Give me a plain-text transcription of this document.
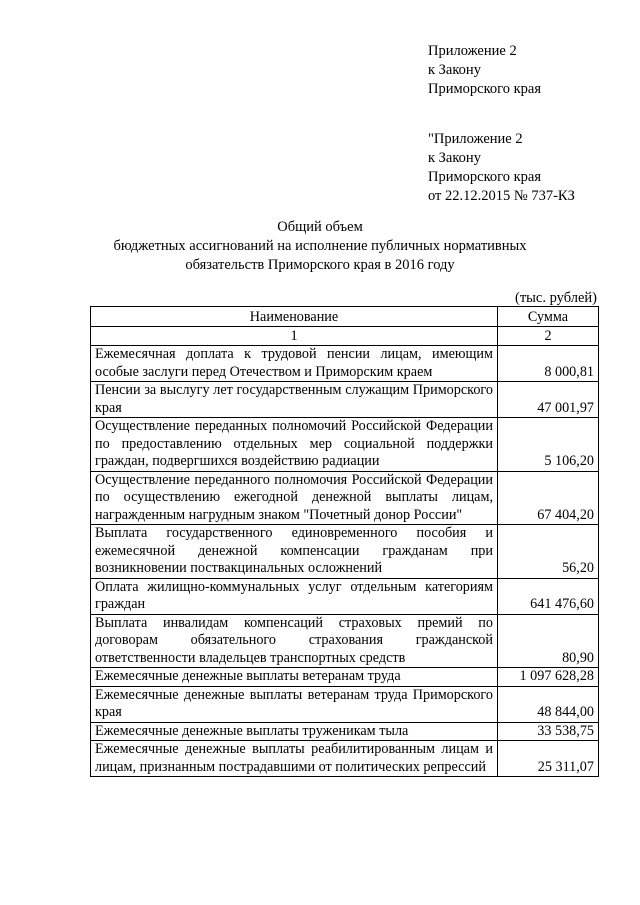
Приложение 2
к Закону
Приморского края
"Приложение 2
к Закону
Приморского края
от 22.12.2015 № 737-КЗ
Общий объем
бюджетных ассигнований на исполнение публичных нормативных
обязательств Приморского края в 2016 году
(тыс. рублей)
Наименование	Сумма
1	2
Ежемесячная доплата к трудовой пенсии лицам, имеющим особые заслуги перед Отечеством и Приморским краем	8 000,81
Пенсии за выслугу лет государственным служащим Приморского края	47 001,97
Осуществление переданных полномочий Российской Федерации по предоставлению отдельных мер социальной поддержки граждан, подвергшихся воздействию радиации	5 106,20
Осуществление переданного полномочия Российской Федерации по осуществлению ежегодной денежной выплаты лицам, награжденным нагрудным знаком "Почетный донор России"	67 404,20
Выплата государственного единовременного пособия и ежемесячной денежной компенсации гражданам при возникновении поствакцинальных осложнений	56,20
Оплата жилищно-коммунальных услуг отдельным категориям граждан	641 476,60
Выплата инвалидам компенсаций страховых премий по договорам обязательного страхования гражданской ответственности владельцев транспортных средств	80,90
Ежемесячные денежные выплаты ветеранам труда	1 097 628,28
Ежемесячные денежные выплаты ветеранам труда Приморского края	48 844,00
Ежемесячные денежные выплаты труженикам тыла	33 538,75
Ежемесячные денежные выплаты реабилитированным лицам и лицам, признанным пострадавшими от политических репрессий	25 311,07
